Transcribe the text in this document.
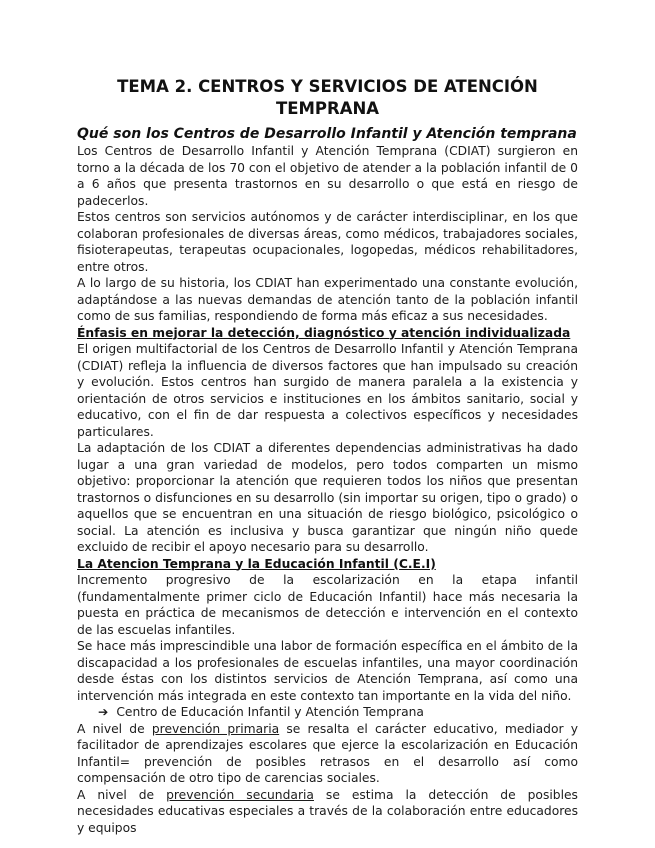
TEMA 2. CENTROS Y SERVICIOS DE ATENCIÓN TEMPRANA
Qué son los Centros de Desarrollo Infantil y Atención temprana

Los Centros de Desarrollo Infantil y Atención Temprana (CDIAT) surgieron en torno a la década de los 70 con el objetivo de atender a la población infantil de 0 a 6 años que presenta trastornos en su desarrollo o que está en riesgo de padecerlos.

Estos centros son servicios autónomos y de carácter interdisciplinar, en los que colaboran profesionales de diversas áreas, como médicos, trabajadores sociales, fisioterapeutas, terapeutas ocupacionales, logopedas, médicos rehabilitadores, entre otros.

A lo largo de su historia, los CDIAT han experimentado una constante evolución, adaptándose a las nuevas demandas de atención tanto de la población infantil como de sus familias, respondiendo de forma más eficaz a sus necesidades.

Énfasis en mejorar la detección, diagnóstico y atención individualizada

El origen multifactorial de los Centros de Desarrollo Infantil y Atención Temprana (CDIAT) refleja la influencia de diversos factores que han impulsado su creación y evolución. Estos centros han surgido de manera paralela a la existencia y orientación de otros servicios e instituciones en los ámbitos sanitario, social y educativo, con el fin de dar respuesta a colectivos específicos y necesidades particulares.

La adaptación de los CDIAT a diferentes dependencias administrativas ha dado lugar a una gran variedad de modelos, pero todos comparten un mismo objetivo: proporcionar la atención que requieren todos los niños que presentan trastornos o disfunciones en su desarrollo (sin importar su origen, tipo o grado) o aquellos que se encuentran en una situación de riesgo biológico, psicológico o social. La atención es inclusiva y busca garantizar que ningún niño quede excluido de recibir el apoyo necesario para su desarrollo.

La Atencion Temprana y la Educación Infantil (C.E.I)

Incremento progresivo de la escolarización en la etapa infantil (fundamentalmente primer ciclo de Educación Infantil) hace más necesaria la puesta en práctica de mecanismos de detección e intervención en el contexto de las escuelas infantiles.

Se hace más imprescindible una labor de formación específica en el ámbito de la discapacidad a los profesionales de escuelas infantiles, una mayor coordinación desde éstas con los distintos servicios de Atención Temprana, así como una intervención más integrada en este contexto tan importante en la vida del niño.

➔ Centro de Educación Infantil y Atención Temprana

A nivel de prevención primaria se resalta el carácter educativo, mediador y facilitador de aprendizajes escolares que ejerce la escolarización en Educación Infantil= prevención de posibles retrasos en el desarrollo así como compensación de otro tipo de carencias sociales.

A nivel de prevención secundaria se estima la detección de posibles necesidades educativas especiales a través de la colaboración entre educadores y equipos
